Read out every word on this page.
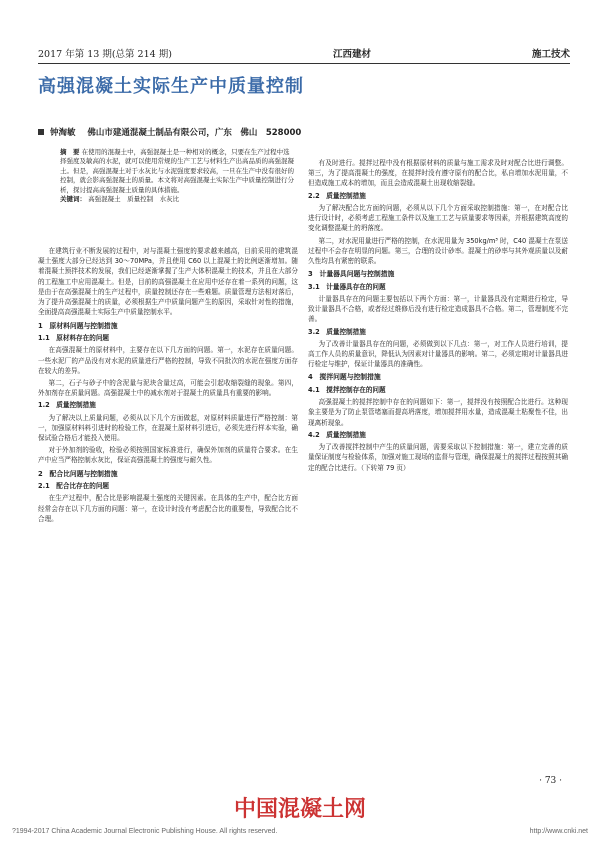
2017 年第 13 期(总第 214 期)	江西建材	施工技术
高强混凝土实际生产中质量控制
钟淘敏 佛山市建通混凝土制品有限公司，广东　佛山　528000
摘　要 在使用的混凝土中，高强混凝土是一种相对的概念，只要在生产过程中选择强度及敏高的水泥，就可以使用常规的生产工艺与材料生产出高品质的高强混凝土。但是，高强混凝土对于水灰比与水泥强度要求较高，一旦在生产中没有很好的控制，就会影高强混凝土的质量。本文将对高强混凝土实际生产中质量控制进行分析，探讨提高高强混凝土质量的具体措施。
关键词： 高强混凝土　质量控制　水灰比

在建筑行业不断发展的过程中，对与混凝土强度的要求越来越高，目前采用的建筑混凝土强度大部分已经达到 30～70MPa，并且使用 C60 以上混凝土的比例逐渐增加。随着混凝土预拌技术的发展，我们已经逐渐掌握了生产大体积混凝土的技术，并且在大部分的工程施工中应用混凝土。但是，目前的高强混凝土在应用中还存在着一系列的问题，这是由于在高强混凝土的生产过程中，质量控制还存在一些难题。质量管理方法相对落后，为了提升高强混凝土的质量，必须根据生产中质量问题产生的原因，采取针对性的措施，全面提高高强混凝土实际生产中质量控制水平。

1　原材料问题与控制措施
1.1　原材料存在的问题

在高强混凝土的原材料中，主要存在以下几方面的问题。第一，水泥存在质量问题。一些水泥厂的产品没有对水泥的质量进行严格的控制，导致不同批次的水泥在强度方面存在较大的差异。

第二，石子与砂子中的含泥量与泥块含量过高，可能会引起收缩裂缝的现象。第四，外加剂存在质量问题。高强混凝土中的减水剂对于混凝土的质量具有重要的影响。

1.2　质量控制措施

为了解决以上质量问题，必须从以下几个方面做起，对原材料质量进行严格控制：第一，加强原材料料引进时的检验工作，在混凝土原材料引进后，必须先进行样本实验，确保试验合格后才能投入使用。

对于外加剂的验收，检验必须按照国家标准进行，确保外加剂的质量符合要求。在生产中应当严格控制水灰比，保证高强混凝土的强度与耐久性。

2　配合比问题与控制措施
2.1　配合比存在的问题

在生产过程中，配合比是影响混凝土强度的关键因素。在具体的生产中，配合比方面经常会存在以下几方面的问题：第一，在设计时没有考虑配合比的重要性，导致配合比不合理。

有及时进行。搅拌过程中没有根据原材料的质量与施工需求及时对配合比进行调整。第三，为了提高混凝土的强度，在搅拌时没有遵守原有的配合比，私自增加水泥用量，不但造成施工成本的增加，而且会造成混凝土出现收缩裂缝。

2.2　质量控制措施

为了解决配合比方面的问题，必须从以下几个方面采取控制措施：第一，在对配合比进行设计时，必须考虑工程施工条件以及施工工艺与质量要求等因素，并根据建筑高度的变化调整混凝土的坍落度。

第二，对水泥用量进行严格的控制，在水泥用量为 350kg/m³ 时，C40 混凝土在泵送过程中不会存在明显的问题。第三，合理的设计砂率。混凝土的砂率与其外观质量以及耐久性均具有紧密的联系。

3　计量器具问题与控制措施
3.1　计量器具存在的问题

计量器具存在的问题主要包括以下两个方面：第一，计量器具没有定期进行检定，导致计量器具不合格，或者经过维修后没有进行检定造成器具不合格。第二，管理制度不完善。

3.2　质量控制措施

为了改善计量器具存在的问题，必须做到以下几点：第一，对工作人员进行培训，提高工作人员的质量意识，降低认为因素对计量器具的影响。第二，必须定期对计量器具进行检定与维护，保证计量器具的准确性。

4　搅拌问题与控制措施
4.1　搅拌控制存在的问题

高强混凝土的搅拌控制中存在的问题如下：第一，搅拌没有按照配合比进行。这种现象主要是为了防止泵管堵塞而提高坍落度，增加搅拌用水量，造成混凝土粘聚性不佳，出现离析现象。

4.2　质量控制措施

为了改善搅拌控制中产生的质量问题，需要采取以下控制措施：第一，建立完善的质量保证制度与检验体系，加强对施工现场的监督与管理，确保混凝土的搅拌过程按照其确定的配合比进行。（下转第 79 页）

· 73 ·
中国混凝土网
?1994-2017 China Academic Journal Electronic Publishing House. All rights reserved.	http://www.cnki.net
